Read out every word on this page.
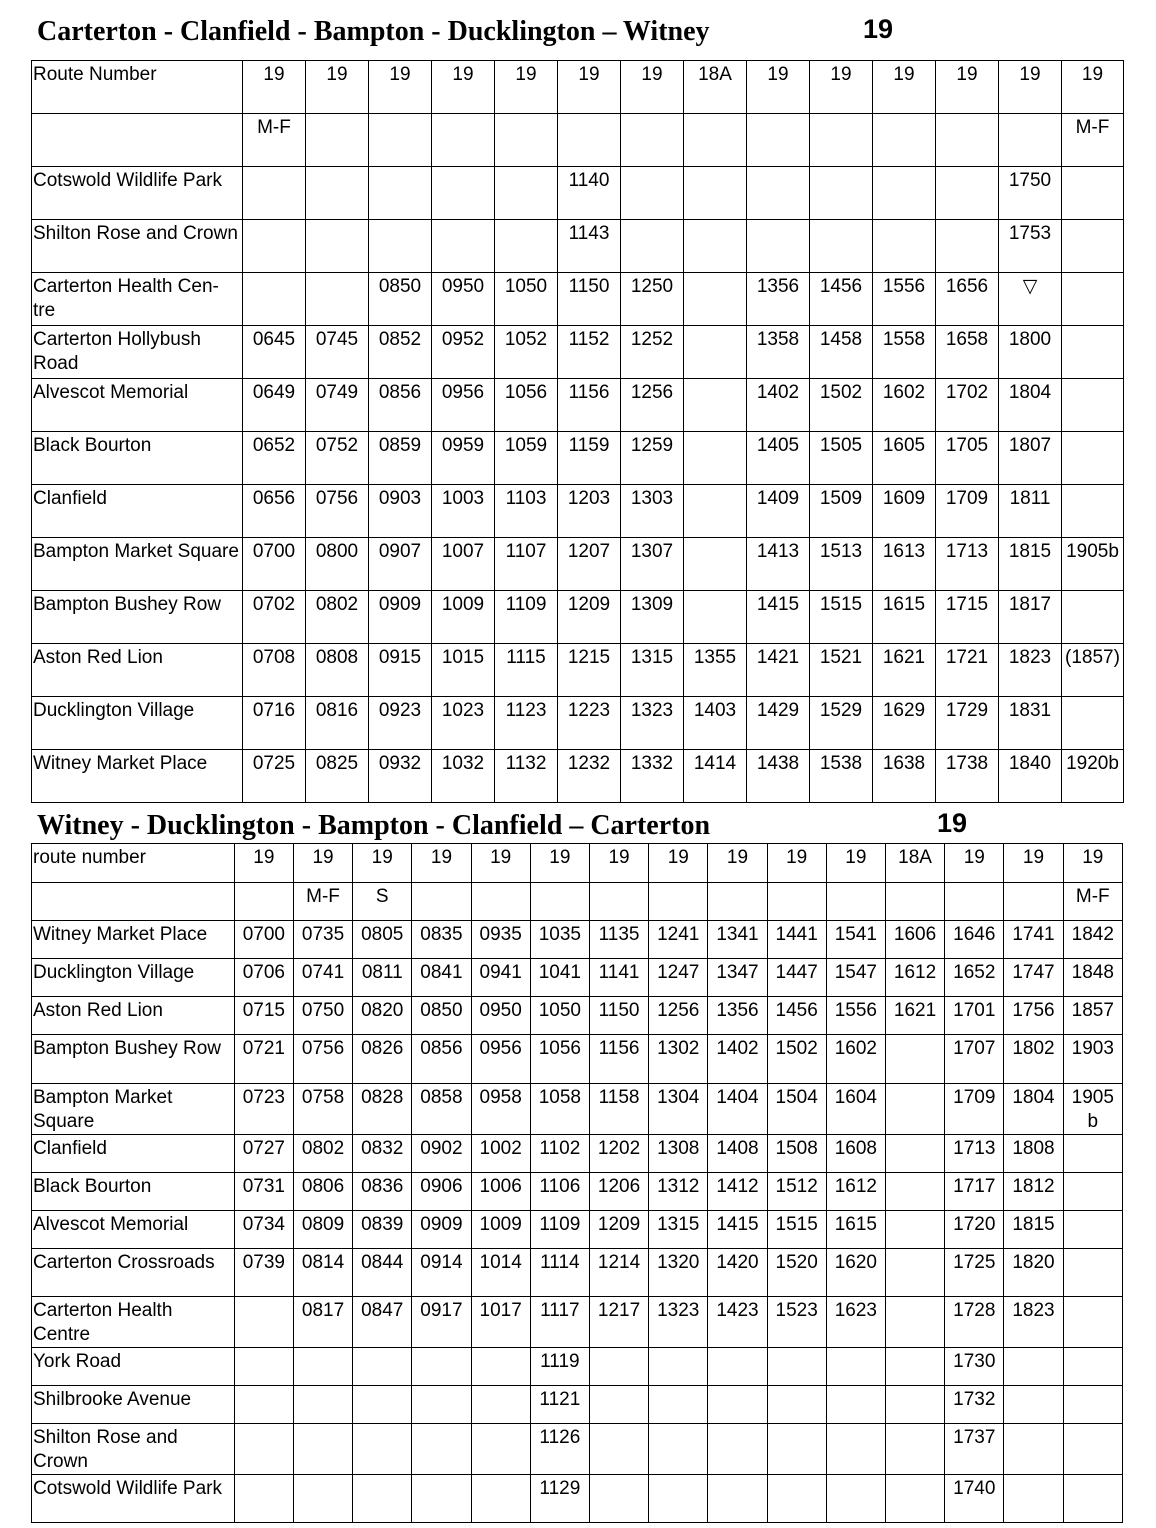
Carterton - Clanfield - Bampton - Ducklington – Witney	19
Route Number	19	19	19	19	19	19	19	18A	19	19	19	19	19	19
	M-F													M-F
Cotswold Wildlife Park						1140							1750	
Shilton Rose and Crown						1143							1753	
Carterton Health Cen-tre			0850	0950	1050	1150	1250		1356	1456	1556	1656	▽	
Carterton Hollybush Road	0645	0745	0852	0952	1052	1152	1252		1358	1458	1558	1658	1800	
Alvescot Memorial	0649	0749	0856	0956	1056	1156	1256		1402	1502	1602	1702	1804	
Black Bourton	0652	0752	0859	0959	1059	1159	1259		1405	1505	1605	1705	1807	
Clanfield	0656	0756	0903	1003	1103	1203	1303		1409	1509	1609	1709	1811	
Bampton Market Square	0700	0800	0907	1007	1107	1207	1307		1413	1513	1613	1713	1815	1905b
Bampton Bushey Row	0702	0802	0909	1009	1109	1209	1309		1415	1515	1615	1715	1817	
Aston Red Lion	0708	0808	0915	1015	1115	1215	1315	1355	1421	1521	1621	1721	1823	(1857)
Ducklington Village	0716	0816	0923	1023	1123	1223	1323	1403	1429	1529	1629	1729	1831	
Witney Market Place	0725	0825	0932	1032	1132	1232	1332	1414	1438	1538	1638	1738	1840	1920b
Witney - Ducklington - Bampton - Clanfield – Carterton	19
route number	19	19	19	19	19	19	19	19	19	19	19	18A	19	19	19
		M-F	S												M-F
Witney Market Place	0700	0735	0805	0835	0935	1035	1135	1241	1341	1441	1541	1606	1646	1741	1842
Ducklington Village	0706	0741	0811	0841	0941	1041	1141	1247	1347	1447	1547	1612	1652	1747	1848
Aston Red Lion	0715	0750	0820	0850	0950	1050	1150	1256	1356	1456	1556	1621	1701	1756	1857
Bampton Bushey Row	0721	0756	0826	0856	0956	1056	1156	1302	1402	1502	1602		1707	1802	1903
Bampton Market Square	0723	0758	0828	0858	0958	1058	1158	1304	1404	1504	1604		1709	1804	1905 b
Clanfield	0727	0802	0832	0902	1002	1102	1202	1308	1408	1508	1608		1713	1808	
Black Bourton	0731	0806	0836	0906	1006	1106	1206	1312	1412	1512	1612		1717	1812	
Alvescot Memorial	0734	0809	0839	0909	1009	1109	1209	1315	1415	1515	1615		1720	1815	
Carterton Crossroads	0739	0814	0844	0914	1014	1114	1214	1320	1420	1520	1620		1725	1820	
Carterton Health Centre		0817	0847	0917	1017	1117	1217	1323	1423	1523	1623		1728	1823	
York Road						1119							1730		
Shilbrooke Avenue						1121							1732		
Shilton Rose and Crown						1126							1737		
Cotswold Wildlife Park						1129							1740		
